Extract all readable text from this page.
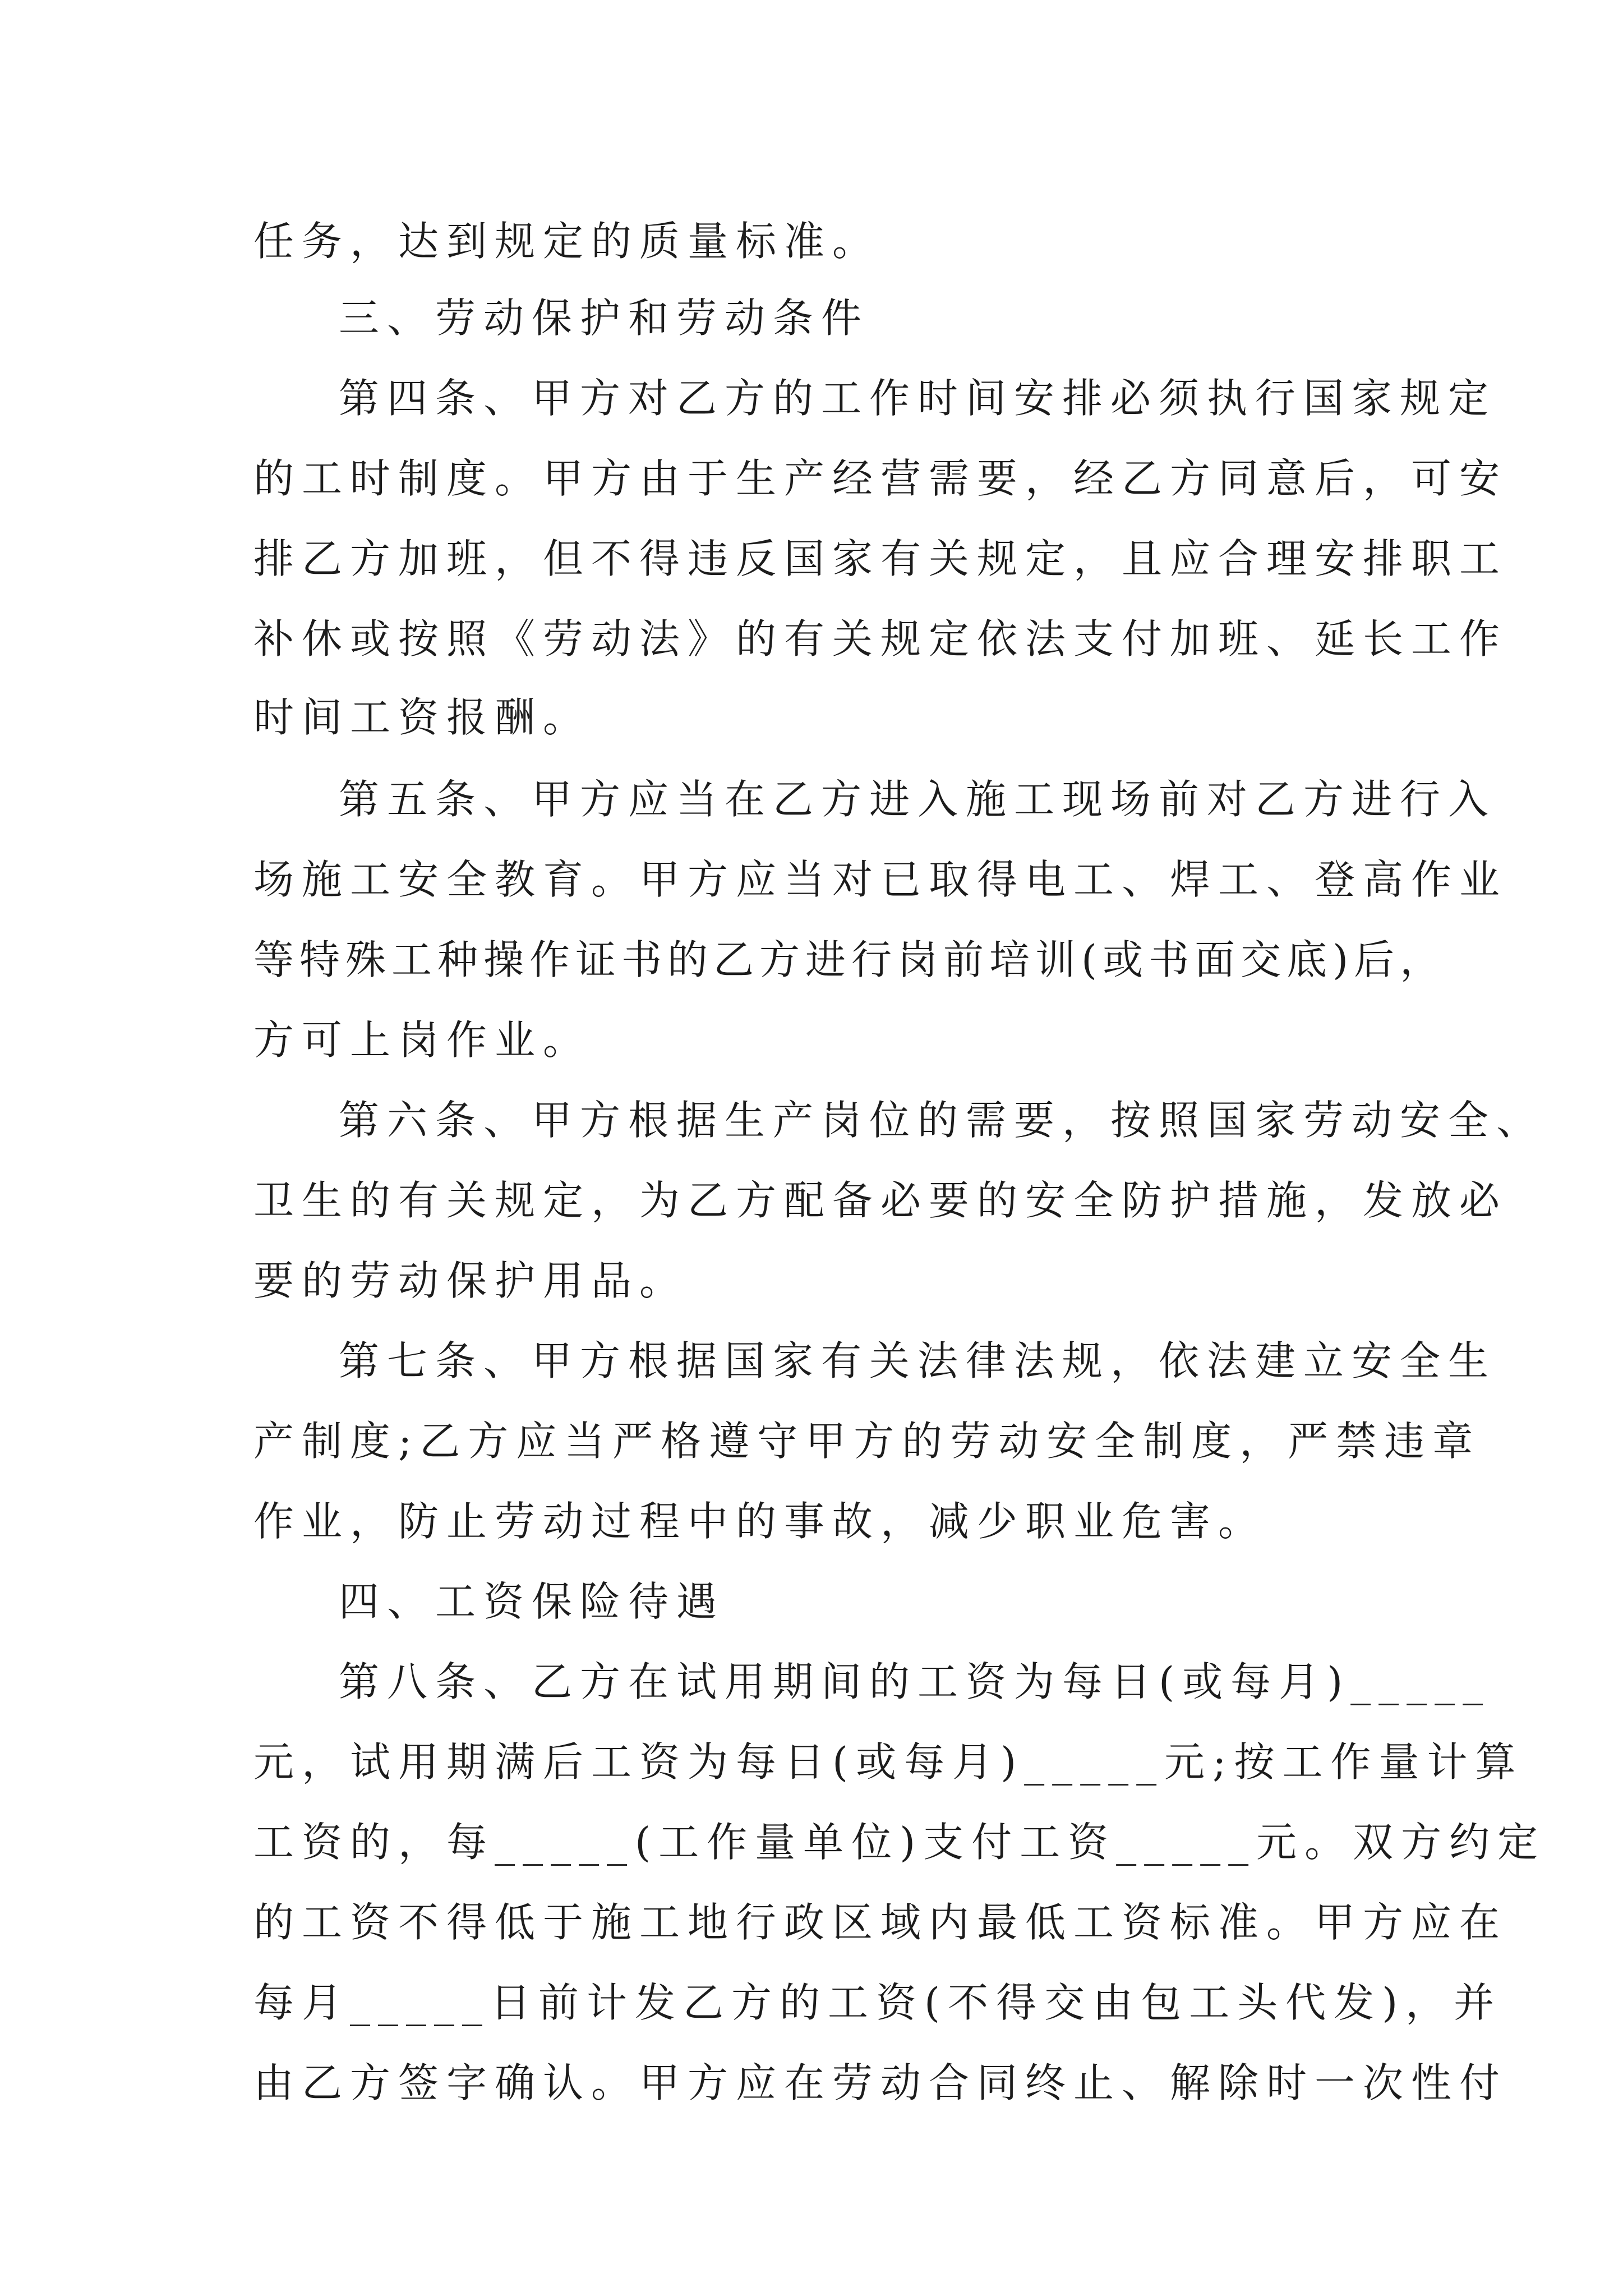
任务，达到规定的质量标准。
三、劳动保护和劳动条件
第四条、甲方对乙方的工作时间安排必须执行国家规定
的工时制度。甲方由于生产经营需要，经乙方同意后，可安
排乙方加班，但不得违反国家有关规定，且应合理安排职工
补休或按照《劳动法》的有关规定依法支付加班、延长工作
时间工资报酬。
第五条、甲方应当在乙方进入施工现场前对乙方进行入
场施工安全教育。甲方应当对已取得电工、焊工、登高作业
等特殊工种操作证书的乙方进行岗前培训(或书面交底)后，
方可上岗作业。
第六条、甲方根据生产岗位的需要，按照国家劳动安全、
卫生的有关规定，为乙方配备必要的安全防护措施，发放必
要的劳动保护用品。
第七条、甲方根据国家有关法律法规，依法建立安全生
产制度;乙方应当严格遵守甲方的劳动安全制度，严禁违章
作业，防止劳动过程中的事故，减少职业危害。
四、工资保险待遇
第八条、乙方在试用期间的工资为每日(或每月)_____
元，试用期满后工资为每日(或每月)_____元;按工作量计算
工资的，每_____(工作量单位)支付工资_____元。双方约定
的工资不得低于施工地行政区域内最低工资标准。甲方应在
每月_____日前计发乙方的工资(不得交由包工头代发)，并
由乙方签字确认。甲方应在劳动合同终止、解除时一次性付
